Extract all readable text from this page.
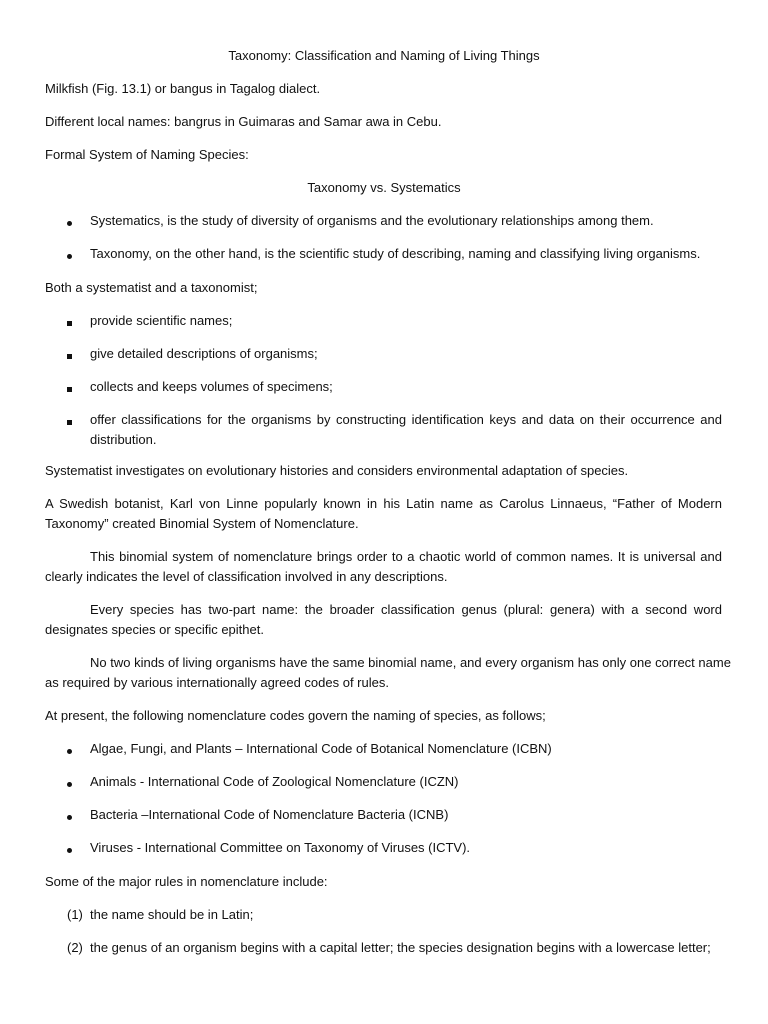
Taxonomy: Classification and Naming of Living Things
Milkfish (Fig. 13.1) or bangus in Tagalog dialect.
Different local names: bangrus in Guimaras and Samar awa in Cebu.
Formal System of Naming Species:
Taxonomy vs. Systematics
Systematics, is the study of diversity of organisms and the evolutionary relationships among them.
Taxonomy, on the other hand, is the scientific study of describing, naming and classifying living organisms.
Both a systematist and a taxonomist;
provide scientific names;
give detailed descriptions of organisms;
collects and keeps volumes of specimens;
offer classifications for the organisms by constructing identification keys and data on their occurrence and
distribution.
Systematist investigates on evolutionary histories and considers environmental adaptation of species.
A Swedish botanist, Karl von Linne popularly known in his Latin name as Carolus Linnaeus, “Father of Modern
Taxonomy” created Binomial System of Nomenclature.
This binomial system of nomenclature brings order to a chaotic world of common names. It is universal and
clearly indicates the level of classification involved in any descriptions.
Every species has two-part name: the broader classification genus (plural: genera) with a second word
designates species or specific epithet.
No two kinds of living organisms have the same binomial name, and every organism has only one correct name
as required by various internationally agreed codes of rules.
At present, the following nomenclature codes govern the naming of species, as follows;
Algae, Fungi, and Plants – International Code of Botanical Nomenclature (ICBN)
Animals - International Code of Zoological Nomenclature (ICZN)
Bacteria –International Code of Nomenclature Bacteria (ICNB)
Viruses - International Committee on Taxonomy of Viruses (ICTV).
Some of the major rules in nomenclature include:
(1) the name should be in Latin;
(2) the genus of an organism begins with a capital letter; the species designation begins with a lowercase letter;
